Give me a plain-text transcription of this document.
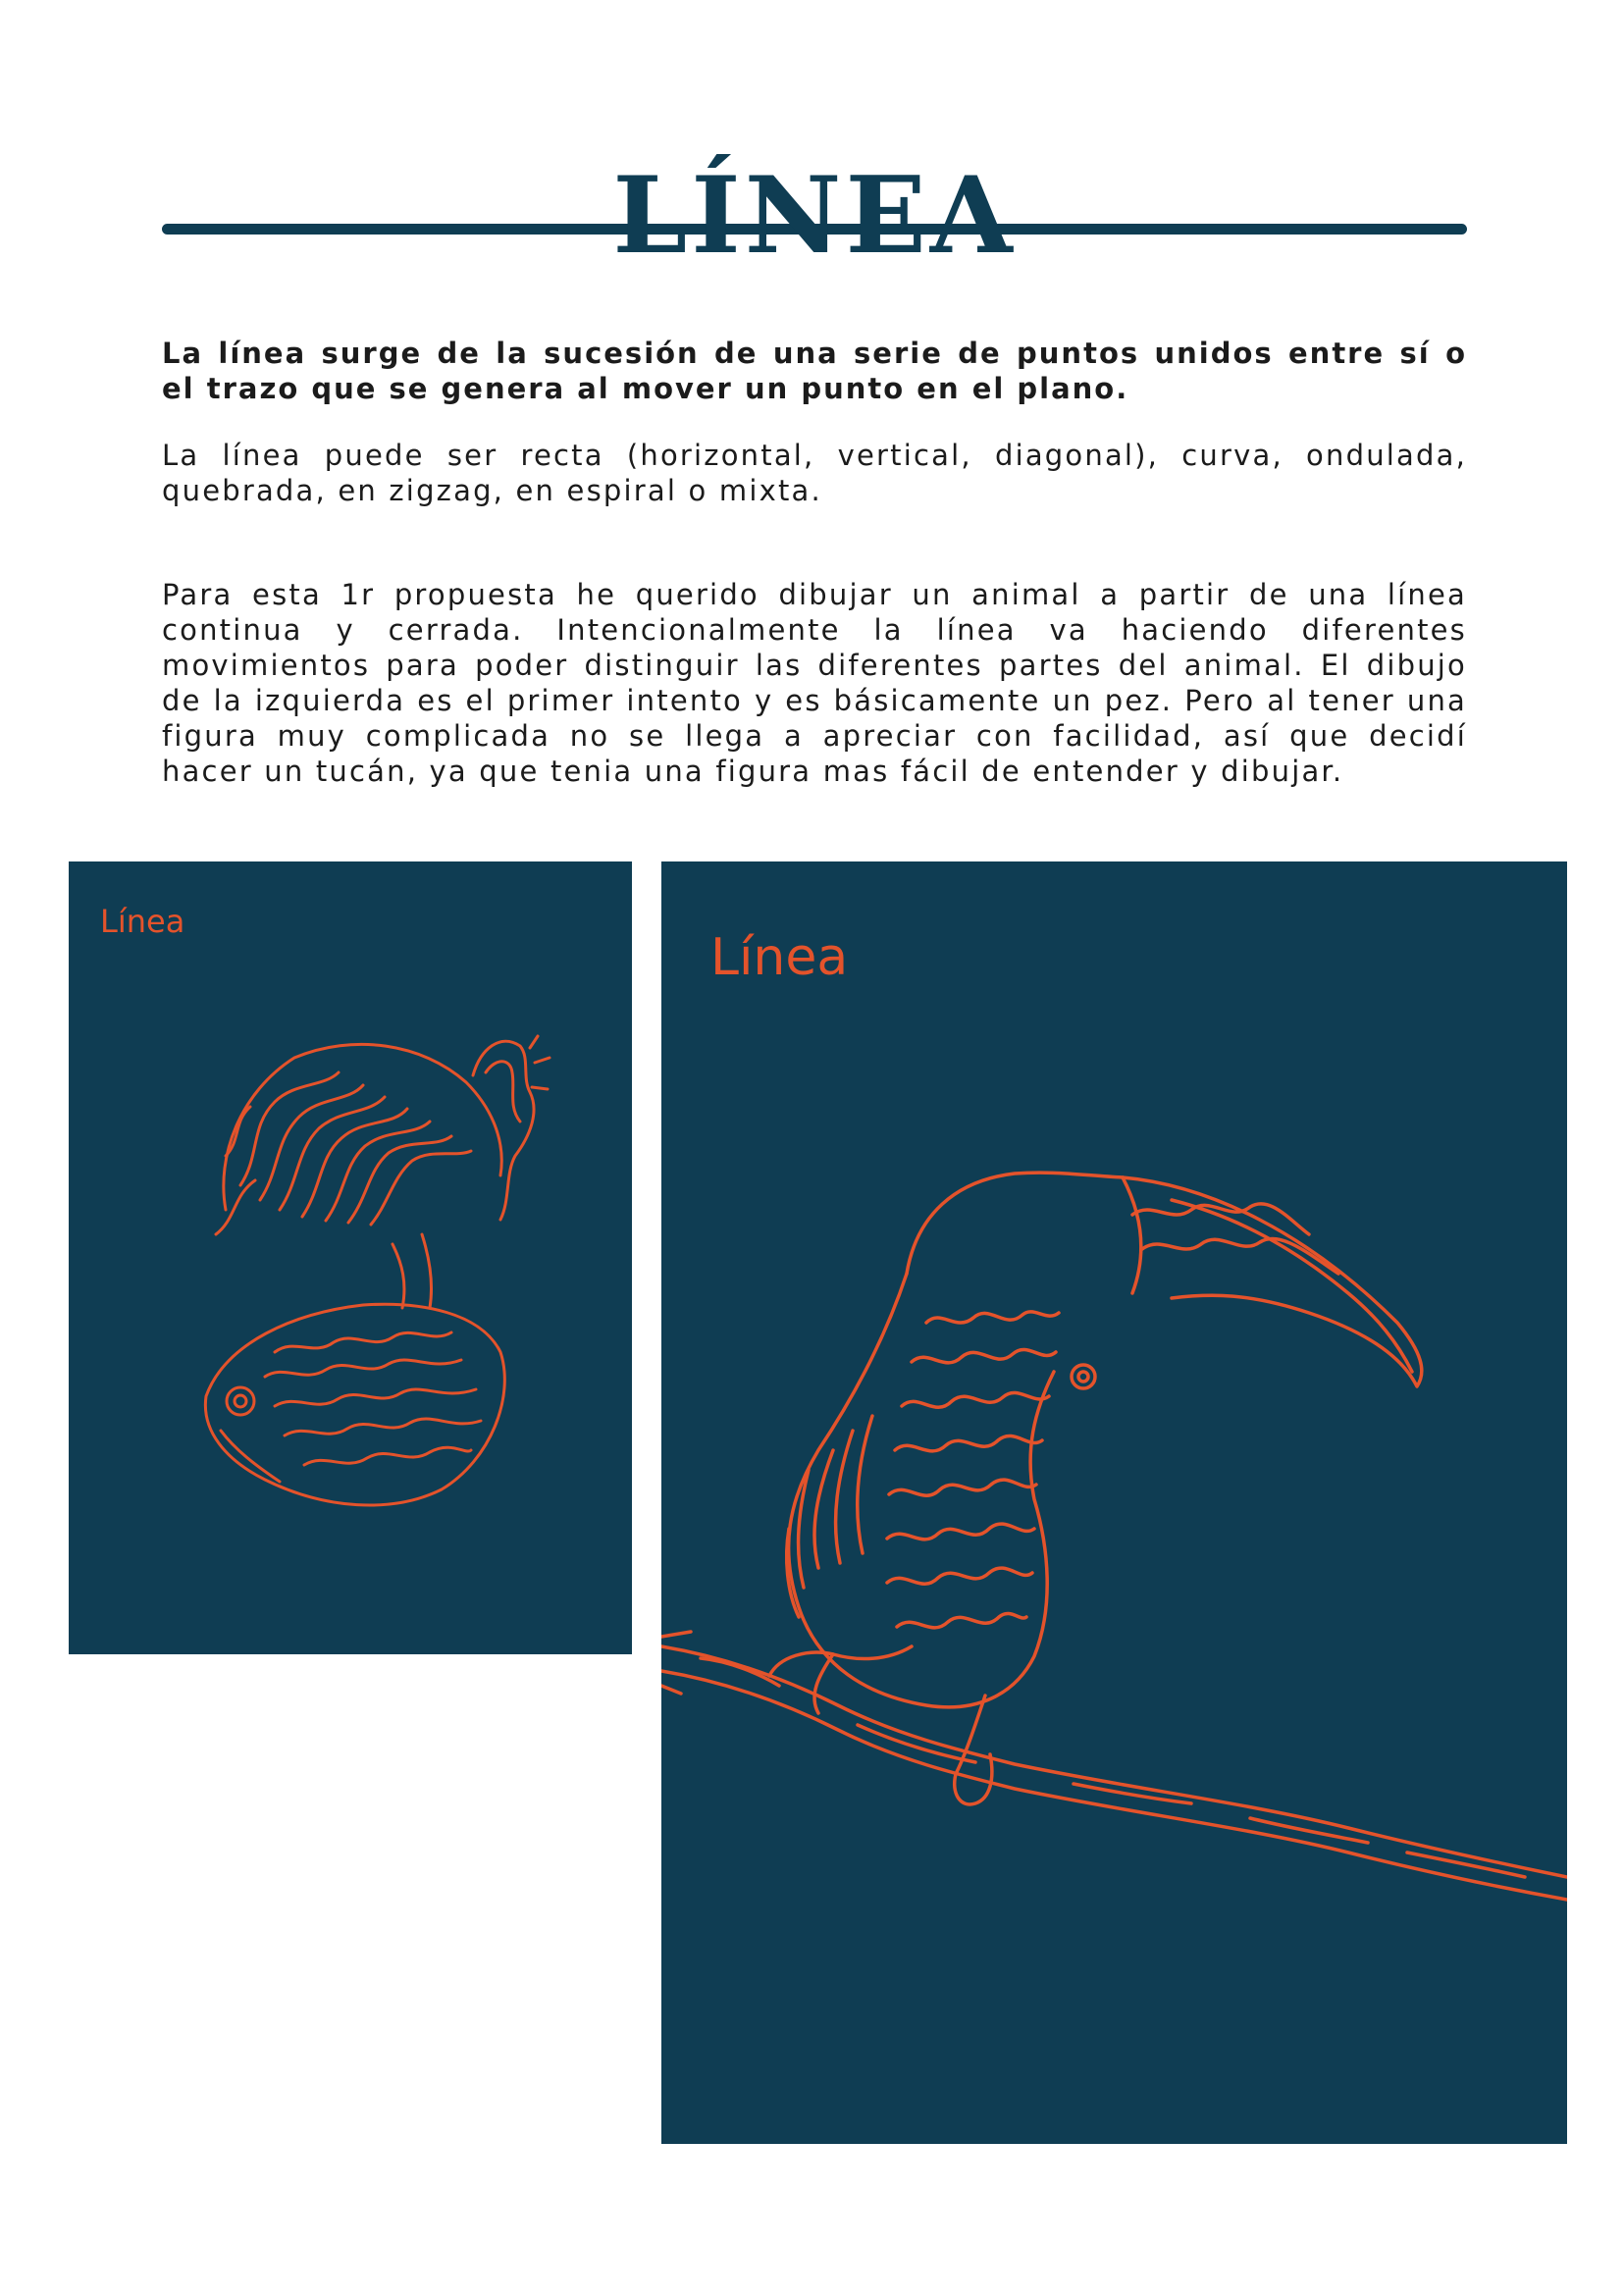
LÍNEA

La línea surge de la sucesión de una serie de puntos unidos entre sí o el trazo que se genera al mover un punto en el plano.

La línea puede ser recta (horizontal, vertical, diagonal), curva, ondulada, quebrada, en zigzag, en espiral o mixta.

Para esta 1r propuesta he querido dibujar un animal a partir de una línea continua y cerrada. Intencionalmente la línea va haciendo diferentes movimientos para poder distinguir las diferentes partes del animal. El dibujo de la izquierda es el primer intento y es básicamente un pez. Pero al tener una figura muy complicada no se llega a apreciar con facilidad, así que decidí hacer un tucán, ya que tenia una figura mas fácil de entender y dibujar.

Línea
Línea
